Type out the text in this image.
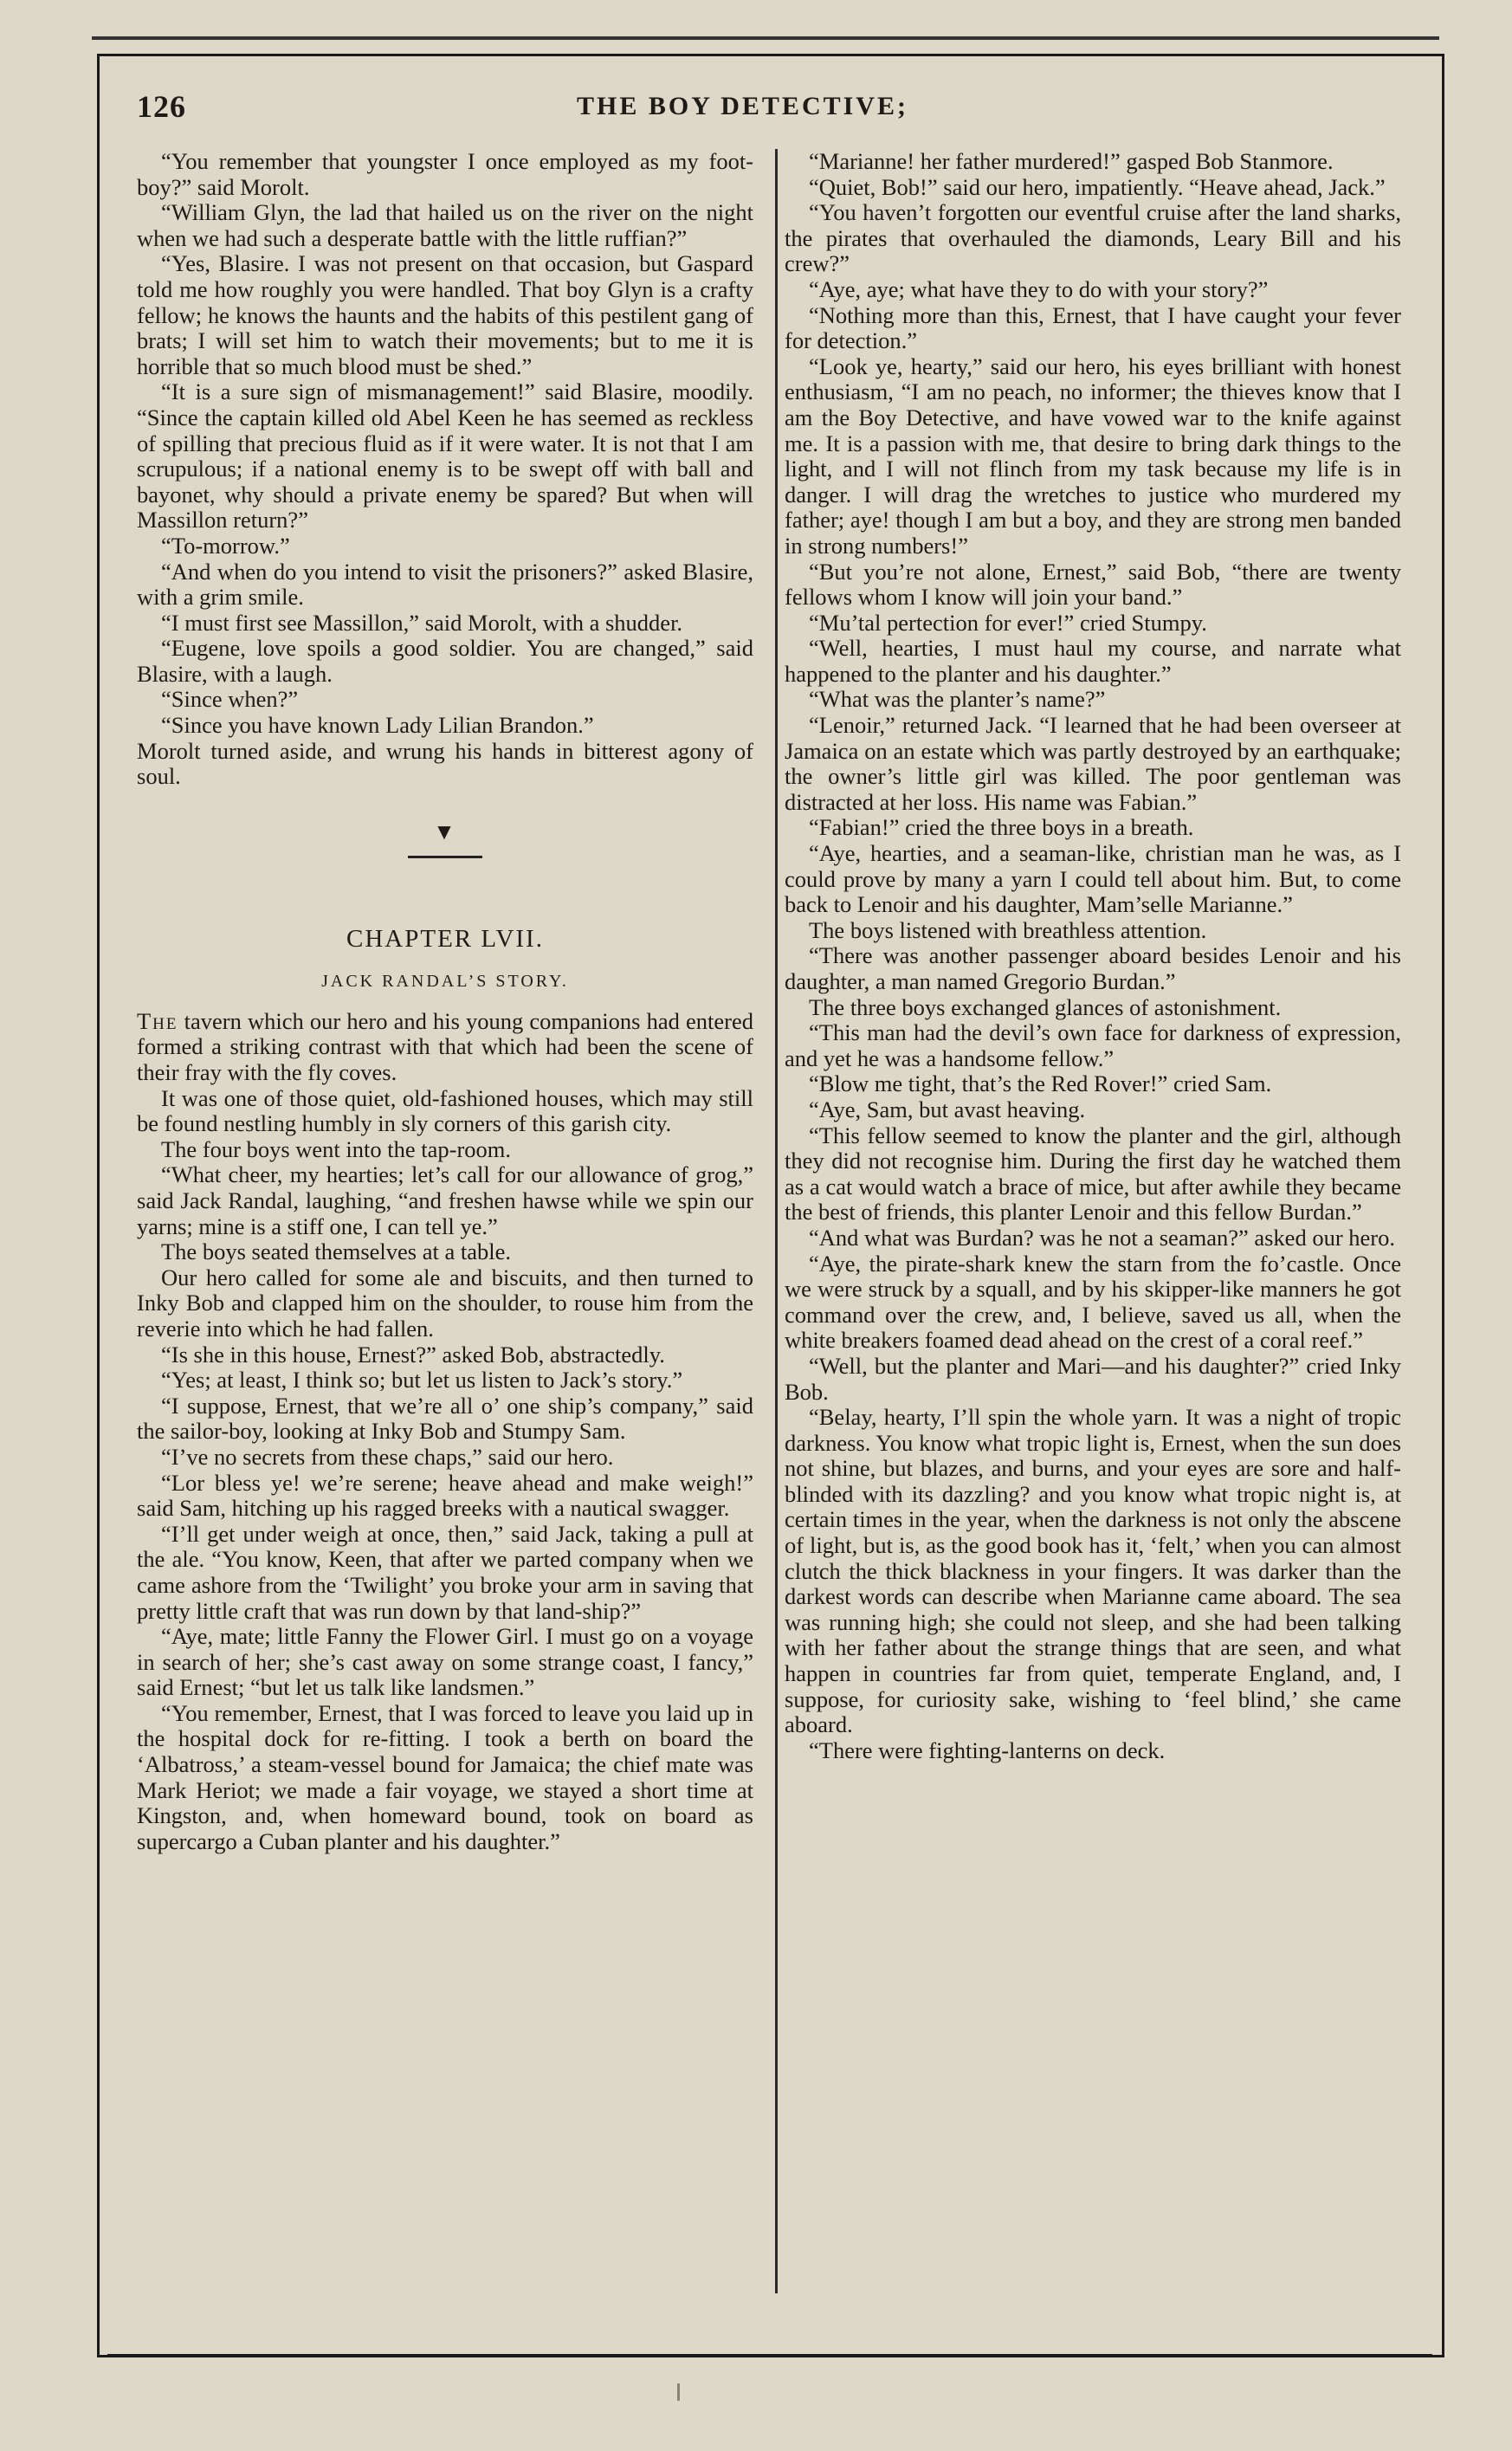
126	THE BOY DETECTIVE;

“You remember that youngster I once employed as my foot-boy?” said Morolt.

“William Glyn, the lad that hailed us on the river on the night when we had such a desperate battle with the little ruffian?”

“Yes, Blasire. I was not present on that occasion, but Gaspard told me how roughly you were handled. That boy Glyn is a crafty fellow; he knows the haunts and the habits of this pestilent gang of brats; I will set him to watch their movements; but to me it is horrible that so much blood must be shed.”

“It is a sure sign of mismanagement!” said Blasire, moodily. “Since the captain killed old Abel Keen he has seemed as reckless of spilling that precious fluid as if it were water. It is not that I am scrupulous; if a national enemy is to be swept off with ball and bayonet, why should a private enemy be spared? But when will Massillon return?”

“To-morrow.”

“And when do you intend to visit the prisoners?” asked Blasire, with a grim smile.

“I must first see Massillon,” said Morolt, with a shudder.

“Eugene, love spoils a good soldier. You are changed,” said Blasire, with a laugh.

“Since when?”

“Since you have known Lady Lilian Brandon.”

Morolt turned aside, and wrung his hands in bitterest agony of soul.

▼
CHAPTER LVII.
JACK RANDAL’S STORY.

The tavern which our hero and his young companions had entered formed a striking contrast with that which had been the scene of their fray with the fly coves.

It was one of those quiet, old-fashioned houses, which may still be found nestling humbly in sly corners of this garish city.

The four boys went into the tap-room.

“What cheer, my hearties; let’s call for our allowance of grog,” said Jack Randal, laughing, “and freshen hawse while we spin our yarns; mine is a stiff one, I can tell ye.”

The boys seated themselves at a table.

Our hero called for some ale and biscuits, and then turned to Inky Bob and clapped him on the shoulder, to rouse him from the reverie into which he had fallen.

“Is she in this house, Ernest?” asked Bob, abstractedly.

“Yes; at least, I think so; but let us listen to Jack’s story.”

“I suppose, Ernest, that we’re all o’ one ship’s company,” said the sailor-boy, looking at Inky Bob and Stumpy Sam.

“I’ve no secrets from these chaps,” said our hero.

“Lor bless ye! we’re serene; heave ahead and make weigh!” said Sam, hitching up his ragged breeks with a nautical swagger.

“I’ll get under weigh at once, then,” said Jack, taking a pull at the ale. “You know, Keen, that after we parted company when we came ashore from the ‘Twilight’ you broke your arm in saving that pretty little craft that was run down by that land-ship?”

“Aye, mate; little Fanny the Flower Girl. I must go on a voyage in search of her; she’s cast away on some strange coast, I fancy,” said Ernest; “but let us talk like landsmen.”

“You remember, Ernest, that I was forced to leave you laid up in the hospital dock for re-fitting. I took a berth on board the ‘Albatross,’ a steam-vessel bound for Jamaica; the chief mate was Mark Heriot; we made a fair voyage, we stayed a short time at Kingston, and, when homeward bound, took on board as supercargo a Cuban planter and his daughter.”

“Marianne! her father murdered!” gasped Bob Stanmore.

“Quiet, Bob!” said our hero, impatiently. “Heave ahead, Jack.”

“You haven’t forgotten our eventful cruise after the land sharks, the pirates that overhauled the diamonds, Leary Bill and his crew?”

“Aye, aye; what have they to do with your story?”

“Nothing more than this, Ernest, that I have caught your fever for detection.”

“Look ye, hearty,” said our hero, his eyes brilliant with honest enthusiasm, “I am no peach, no informer; the thieves know that I am the Boy Detective, and have vowed war to the knife against me. It is a passion with me, that desire to bring dark things to the light, and I will not flinch from my task because my life is in danger. I will drag the wretches to justice who murdered my father; aye! though I am but a boy, and they are strong men banded in strong numbers!”

“But you’re not alone, Ernest,” said Bob, “there are twenty fellows whom I know will join your band.”

“Mu’tal pertection for ever!” cried Stumpy.

“Well, hearties, I must haul my course, and narrate what happened to the planter and his daughter.”

“What was the planter’s name?”

“Lenoir,” returned Jack. “I learned that he had been overseer at Jamaica on an estate which was partly destroyed by an earthquake; the owner’s little girl was killed. The poor gentleman was distracted at her loss. His name was Fabian.”

“Fabian!” cried the three boys in a breath.

“Aye, hearties, and a seaman-like, christian man he was, as I could prove by many a yarn I could tell about him. But, to come back to Lenoir and his daughter, Mam’selle Marianne.”

The boys listened with breathless attention.

“There was another passenger aboard besides Lenoir and his daughter, a man named Gregorio Burdan.”

The three boys exchanged glances of astonishment.

“This man had the devil’s own face for darkness of expression, and yet he was a handsome fellow.”

“Blow me tight, that’s the Red Rover!” cried Sam.

“Aye, Sam, but avast heaving.

“This fellow seemed to know the planter and the girl, although they did not recognise him. During the first day he watched them as a cat would watch a brace of mice, but after awhile they became the best of friends, this planter Lenoir and this fellow Burdan.”

“And what was Burdan? was he not a seaman?” asked our hero.

“Aye, the pirate-shark knew the starn from the fo’castle. Once we were struck by a squall, and by his skipper-like manners he got command over the crew, and, I believe, saved us all, when the white breakers foamed dead ahead on the crest of a coral reef.”

“Well, but the planter and Mari—and his daughter?” cried Inky Bob.

“Belay, hearty, I’ll spin the whole yarn. It was a night of tropic darkness. You know what tropic light is, Ernest, when the sun does not shine, but blazes, and burns, and your eyes are sore and half-blinded with its dazzling? and you know what tropic night is, at certain times in the year, when the darkness is not only the abscene of light, but is, as the good book has it, ‘felt,’ when you can almost clutch the thick blackness in your fingers. It was darker than the darkest words can describe when Marianne came aboard. The sea was running high; she could not sleep, and she had been talking with her father about the strange things that are seen, and what happen in countries far from quiet, temperate England, and, I suppose, for curiosity sake, wishing to ‘feel blind,’ she came aboard.

“There were fighting-lanterns on deck.
